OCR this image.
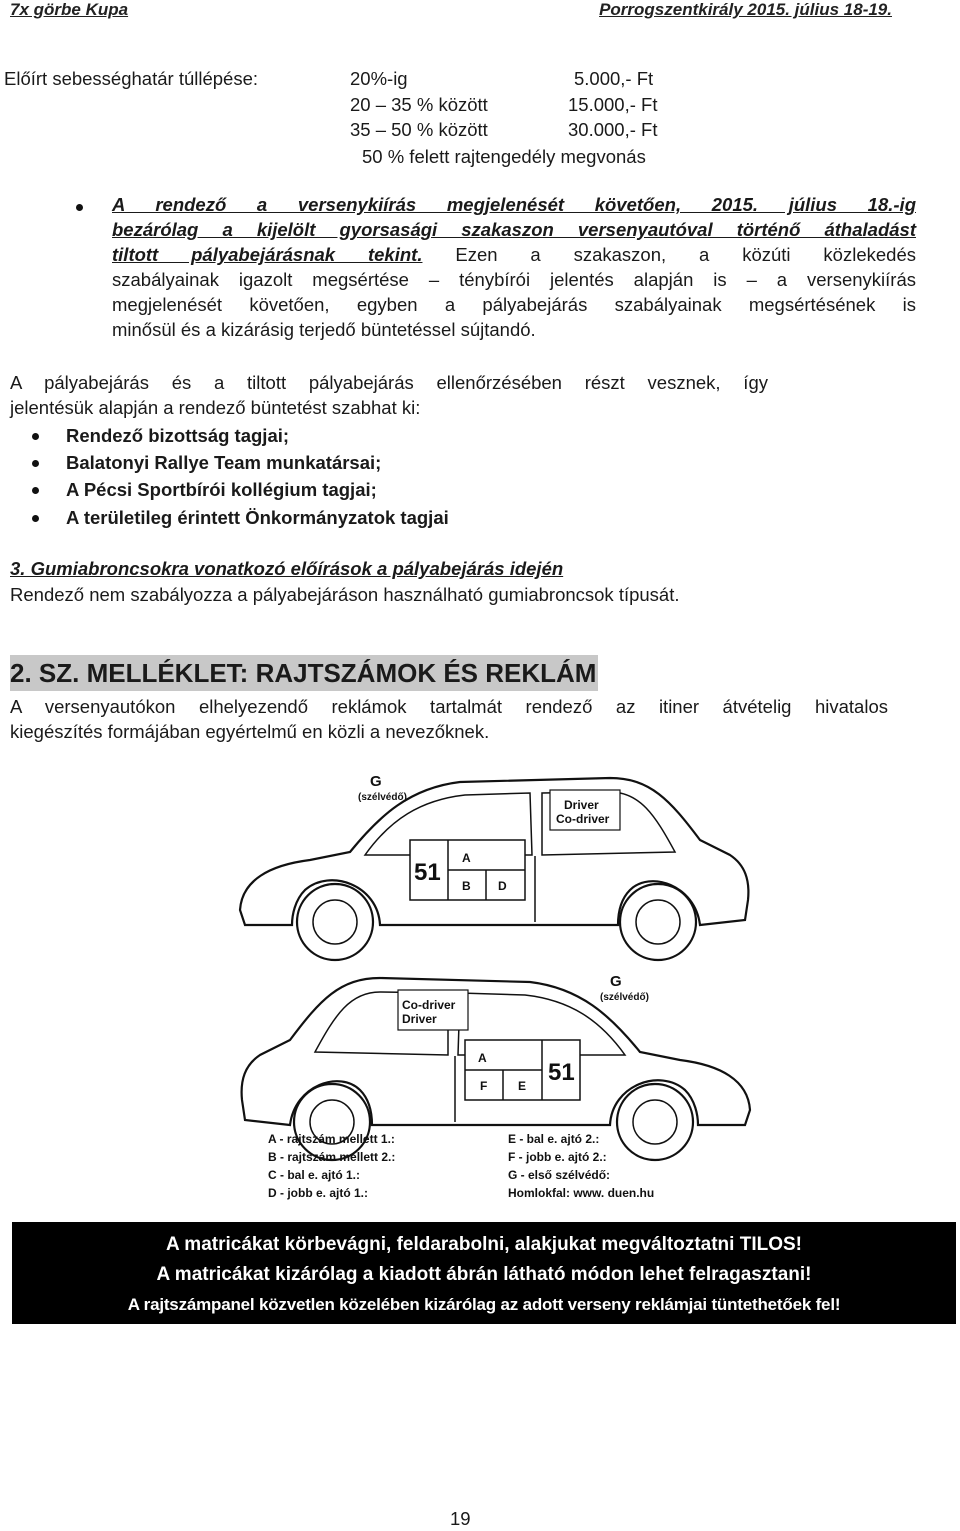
7x görbe Kupa	Porrogszentkirály 2015. július 18-19.
Előírt sebességhatár túllépése:	20%-ig	5.000,- Ft
20 – 35 % között	15.000,- Ft
35 – 50 % között	30.000,- Ft
50 % felett rajtengedély megvonás
A rendező a versenykiírás megjelenését követően, 2015. július 18.-ig
bezárólag a kijelölt gyorsasági szakaszon versenyautóval történő áthaladást
tiltott pályabejárásnak tekint. Ezen a szakaszon, a közúti közlekedés
szabályainak igazolt megsértése – ténybírói jelentés alapján is – a versenykiírás
megjelenését követően, egyben a pályabejárás szabályainak megsértésének is
minősül és a kizárásig terjedő büntetéssel sújtandó.
A pályabejárás és a tiltott pályabejárás ellenőrzésében részt vesznek, így
jelentésük alapján a rendező büntetést szabhat ki:
Rendező bizottság tagjai;
Balatonyi Rallye Team munkatársai;
A Pécsi Sportbírói kollégium tagjai;
A területileg érintett Önkormányzatok tagjai
3. Gumiabroncsokra vonatkozó előírások a pályabejárás idején
Rendező nem szabályozza a pályabejáráson használható gumiabroncsok típusát.
2. SZ. MELLÉKLET: RAJTSZÁMOK ÉS REKLÁM
A versenyautókon elhelyezendő reklámok tartalmát rendező az itiner átvételig hivatalos
kiegészítés formájában egyértelmű en közli a nevezőknek.
G
(szélvédő)
Driver
Co-driver
51
A
B D
G
(szélvédő)
Co-driver
Driver
51
A
F	E
A - rajtszám mellett 1.:
B - rajtszám mellett 2.:
C - bal e. ajtó 1.:
D - jobb e. ajtó 1.:
E - bal e. ajtó 2.:
F - jobb e. ajtó 2.:
G - első szélvédő:
Homlokfal: www. duen.hu
A matricákat körbevágni, feldarabolni, alakjukat megváltoztatni TILOS!
A matricákat kizárólag a kiadott ábrán látható módon lehet felragasztani!
A rajtszámpanel közvetlen közelében kizárólag az adott verseny reklámjai tüntethetőek fel!
19
